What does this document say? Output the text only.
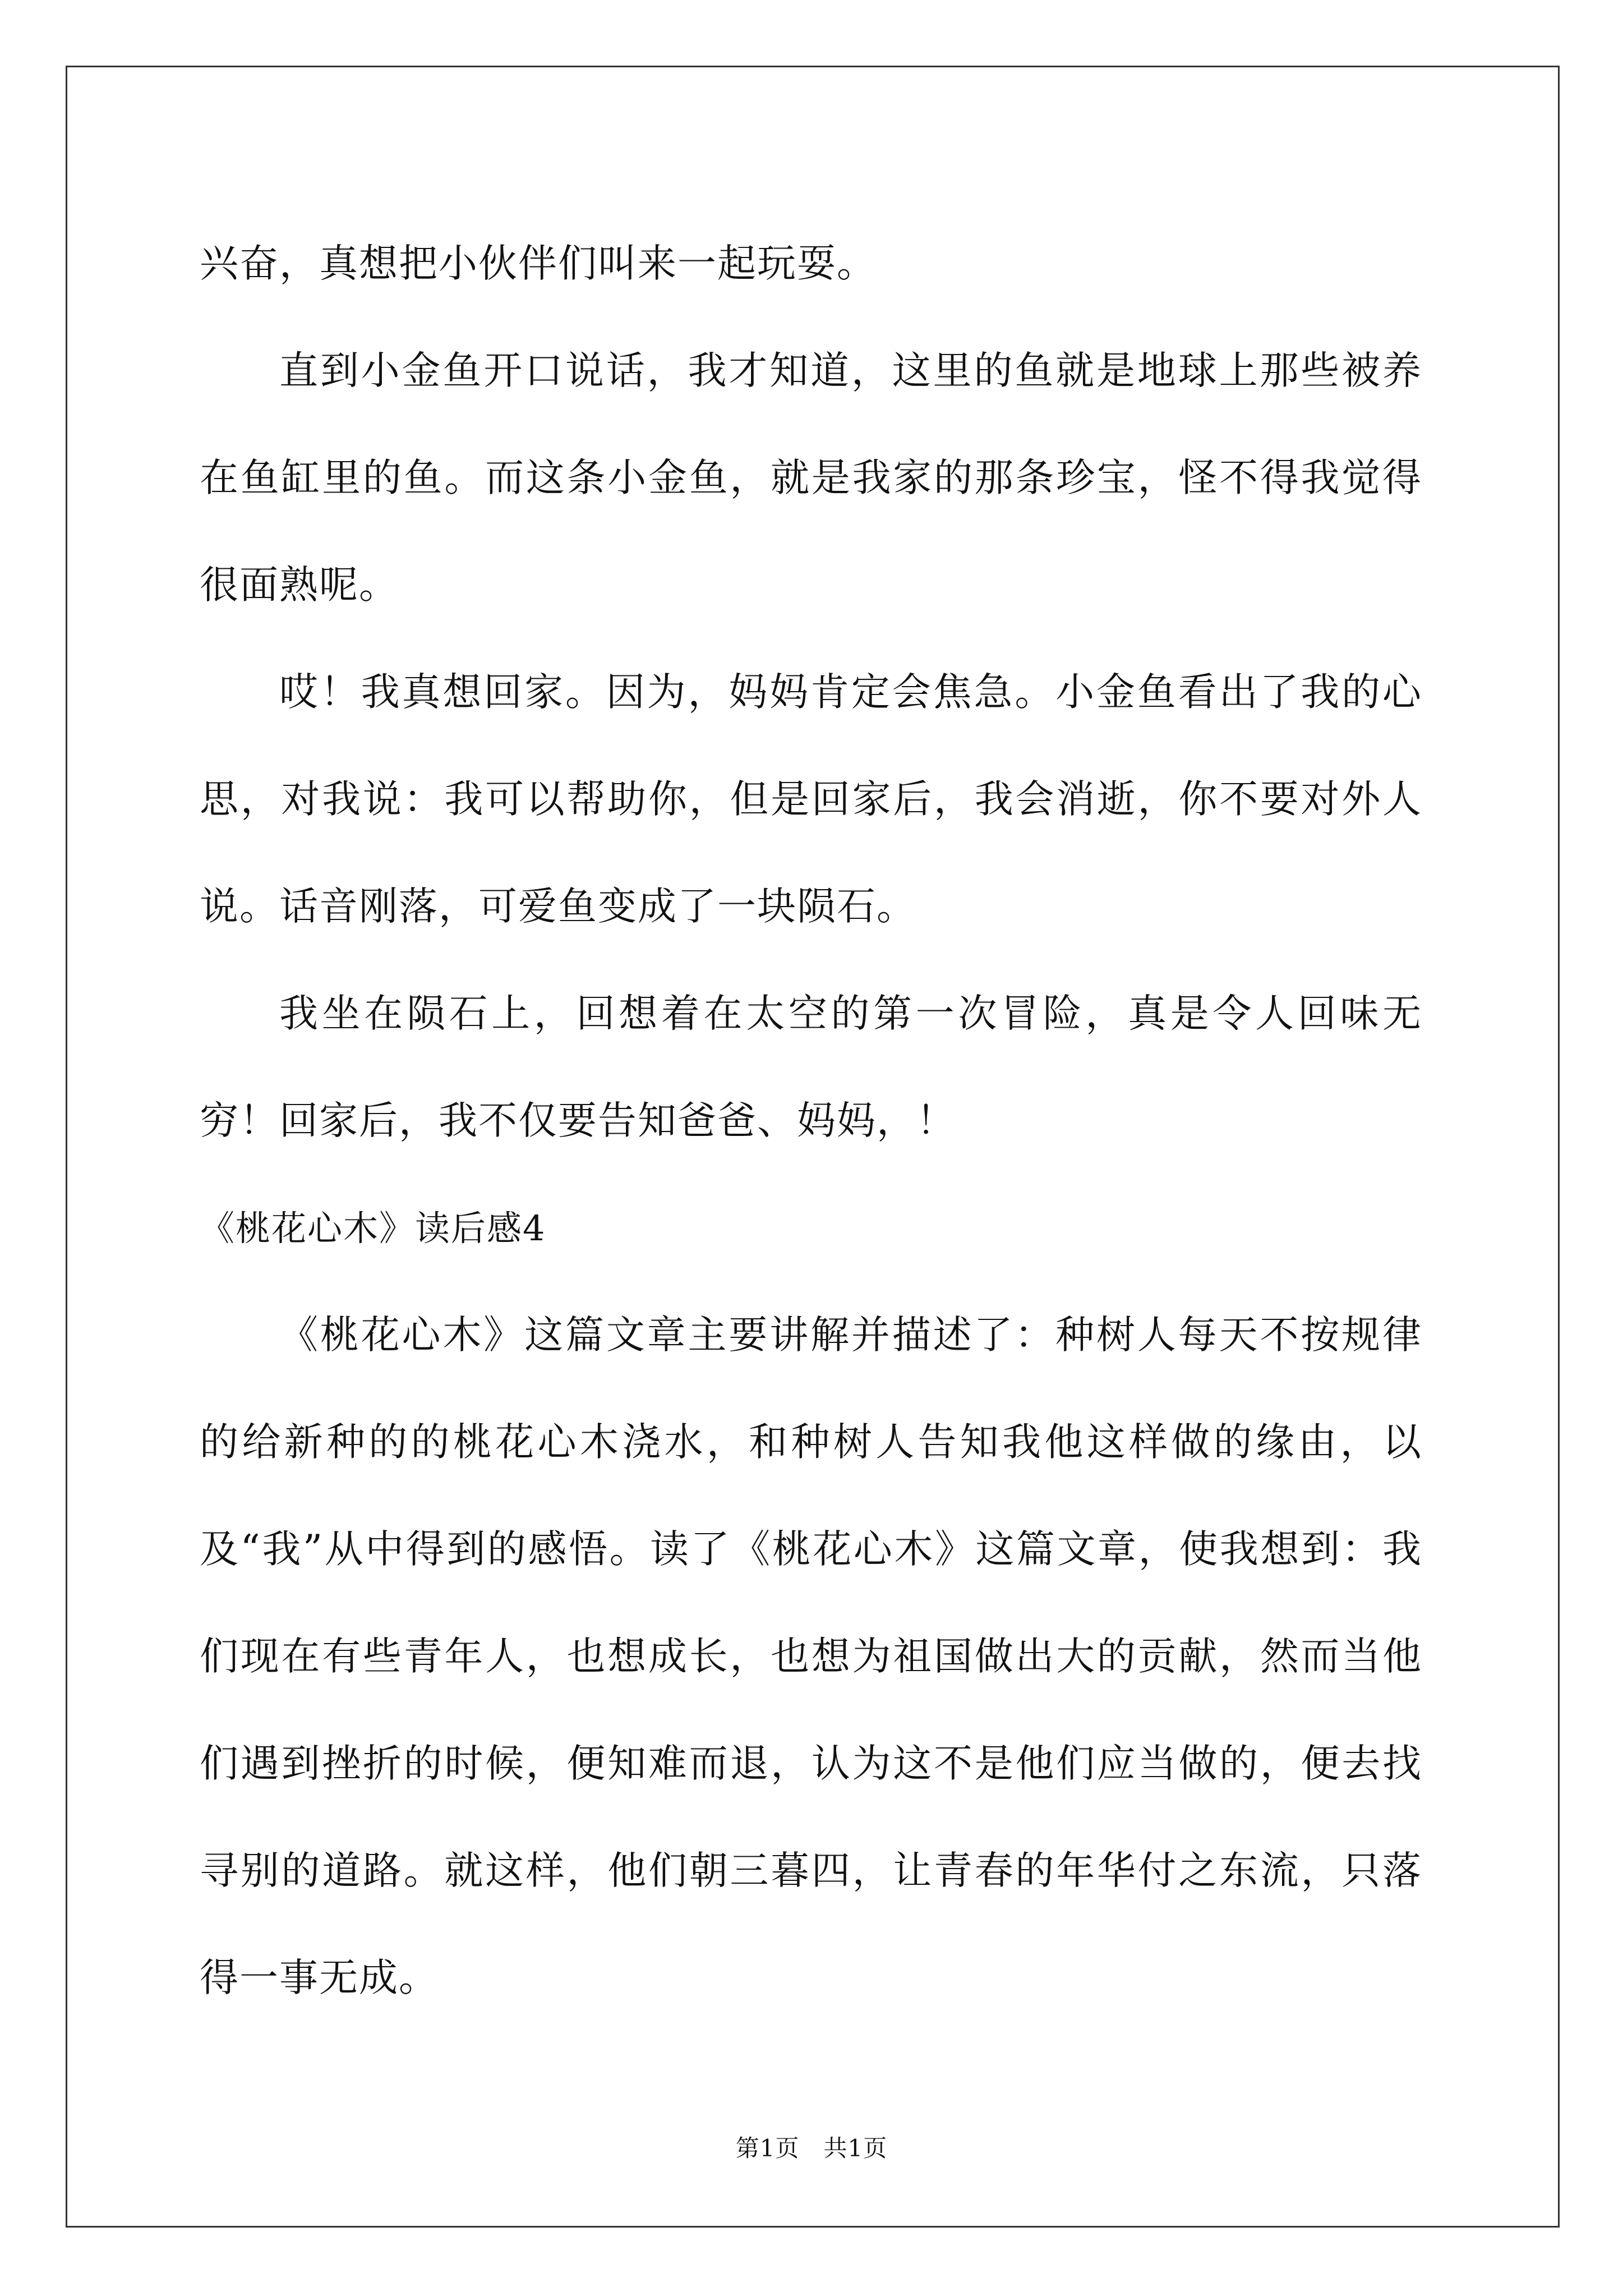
兴奋，真想把小伙伴们叫来一起玩耍。

直到小金鱼开口说话，我才知道，这里的鱼就是地球上那些被养在鱼缸里的鱼。而这条小金鱼，就是我家的那条珍宝，怪不得我觉得很面熟呢。

哎！我真想回家。因为，妈妈肯定会焦急。小金鱼看出了我的心思，对我说：我可以帮助你，但是回家后，我会消逝，你不要对外人说。话音刚落，可爱鱼变成了一块陨石。

我坐在陨石上，回想着在太空的第一次冒险，真是令人回味无穷！回家后，我不仅要告知爸爸、妈妈，！

《桃花心木》读后感4

《桃花心木》这篇文章主要讲解并描述了：种树人每天不按规律的给新种的的桃花心木浇水，和种树人告知我他这样做的缘由，以及“我”从中得到的感悟。读了《桃花心木》这篇文章，使我想到：我们现在有些青年人，也想成长，也想为祖国做出大的贡献，然而当他们遇到挫折的时候，便知难而退，认为这不是他们应当做的，便去找寻别的道路。就这样，他们朝三暮四，让青春的年华付之东流，只落得一事无成。

第1页　共1页
